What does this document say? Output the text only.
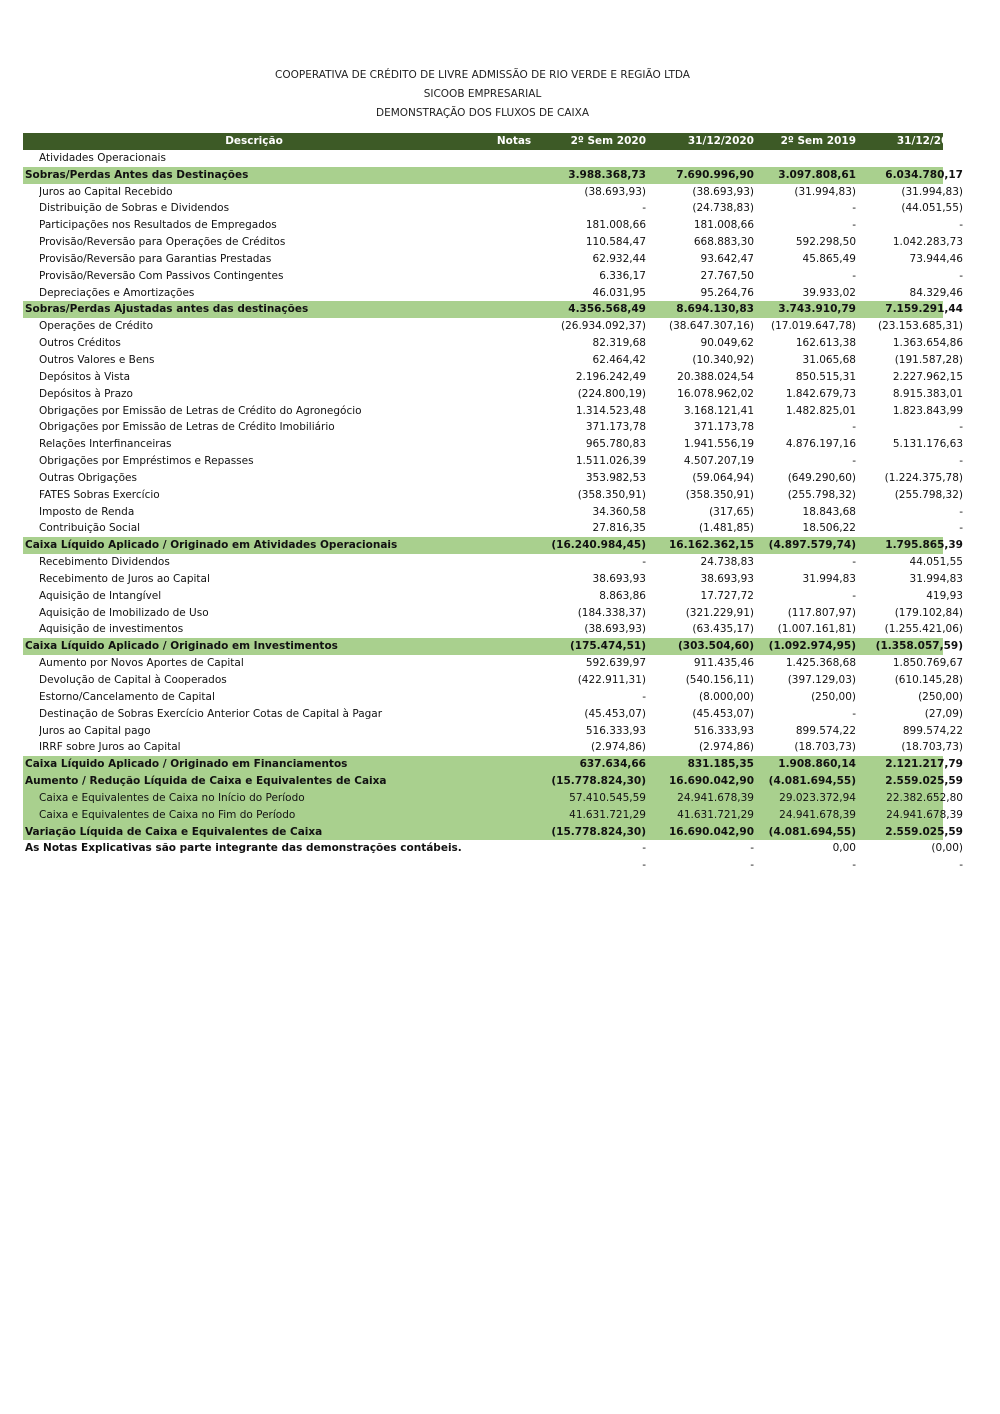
COOPERATIVA DE CRÉDITO DE LIVRE ADMISSÃO DE RIO VERDE E REGIÃO LTDA
SICOOB EMPRESARIAL
DEMONSTRAÇÃO DOS FLUXOS DE CAIXA
Descrição	Notas	2º Sem 2020	31/12/2020	2º Sem 2019	31/12/2019
Atividades Operacionais
Sobras/Perdas Antes das Destinações	3.988.368,73	7.690.996,90	3.097.808,61	6.034.780,17
Juros ao Capital Recebido	(38.693,93)	(38.693,93)	(31.994,83)	(31.994,83)
Distribuição de Sobras e Dividendos	-	(24.738,83)	-	(44.051,55)
Participações nos Resultados de Empregados	181.008,66	181.008,66	-	-
Provisão/Reversão para Operações de Créditos	110.584,47	668.883,30	592.298,50	1.042.283,73
Provisão/Reversão para Garantias Prestadas	62.932,44	93.642,47	45.865,49	73.944,46
Provisão/Reversão Com Passivos Contingentes	6.336,17	27.767,50	-	-
Depreciações e Amortizações	46.031,95	95.264,76	39.933,02	84.329,46
Sobras/Perdas Ajustadas antes das destinações	4.356.568,49	8.694.130,83	3.743.910,79	7.159.291,44
Operações de Crédito	(26.934.092,37)	(38.647.307,16)	(17.019.647,78)	(23.153.685,31)
Outros Créditos	82.319,68	90.049,62	162.613,38	1.363.654,86
Outros Valores e Bens	62.464,42	(10.340,92)	31.065,68	(191.587,28)
Depósitos à Vista	2.196.242,49	20.388.024,54	850.515,31	2.227.962,15
Depósitos à Prazo	(224.800,19)	16.078.962,02	1.842.679,73	8.915.383,01
Obrigações por Emissão de Letras de Crédito do Agronegócio	1.314.523,48	3.168.121,41	1.482.825,01	1.823.843,99
Obrigações por Emissão de Letras de Crédito Imobiliário	371.173,78	371.173,78	-	-
Relações Interfinanceiras	965.780,83	1.941.556,19	4.876.197,16	5.131.176,63
Obrigações por Empréstimos e Repasses	1.511.026,39	4.507.207,19	-	-
Outras Obrigações	353.982,53	(59.064,94)	(649.290,60)	(1.224.375,78)
FATES Sobras Exercício	(358.350,91)	(358.350,91)	(255.798,32)	(255.798,32)
Imposto de Renda	34.360,58	(317,65)	18.843,68	-
Contribuição Social	27.816,35	(1.481,85)	18.506,22	-
Caixa Líquido Aplicado / Originado em Atividades Operacionais	(16.240.984,45)	16.162.362,15	(4.897.579,74)	1.795.865,39
Recebimento Dividendos	-	24.738,83	-	44.051,55
Recebimento de Juros ao Capital	38.693,93	38.693,93	31.994,83	31.994,83
Aquisição de Intangível	8.863,86	17.727,72	-	419,93
Aquisição de Imobilizado de Uso	(184.338,37)	(321.229,91)	(117.807,97)	(179.102,84)
Aquisição de investimentos	(38.693,93)	(63.435,17)	(1.007.161,81)	(1.255.421,06)
Caixa Líquido Aplicado / Originado em Investimentos	(175.474,51)	(303.504,60)	(1.092.974,95)	(1.358.057,59)
Aumento por Novos Aportes de Capital	592.639,97	911.435,46	1.425.368,68	1.850.769,67
Devolução de Capital à Cooperados	(422.911,31)	(540.156,11)	(397.129,03)	(610.145,28)
Estorno/Cancelamento de Capital	-	(8.000,00)	(250,00)	(250,00)
Destinação de Sobras Exercício Anterior Cotas de Capital à Pagar	(45.453,07)	(45.453,07)	-	(27,09)
Juros ao Capital pago	516.333,93	516.333,93	899.574,22	899.574,22
IRRF sobre Juros ao Capital	(2.974,86)	(2.974,86)	(18.703,73)	(18.703,73)
Caixa Líquido Aplicado / Originado em Financiamentos	637.634,66	831.185,35	1.908.860,14	2.121.217,79
Aumento / Redução Líquida de Caixa e Equivalentes de Caixa	(15.778.824,30)	16.690.042,90	(4.081.694,55)	2.559.025,59
Caixa e Equivalentes de Caixa no Início do Período	57.410.545,59	24.941.678,39	29.023.372,94	22.382.652,80
Caixa e Equivalentes de Caixa no Fim do Período	41.631.721,29	41.631.721,29	24.941.678,39	24.941.678,39
Variação Líquida de Caixa e Equivalentes de Caixa	(15.778.824,30)	16.690.042,90	(4.081.694,55)	2.559.025,59
As Notas Explicativas são parte integrante das demonstrações contábeis.	-	-	0,00	(0,00)
-	-	-	-
